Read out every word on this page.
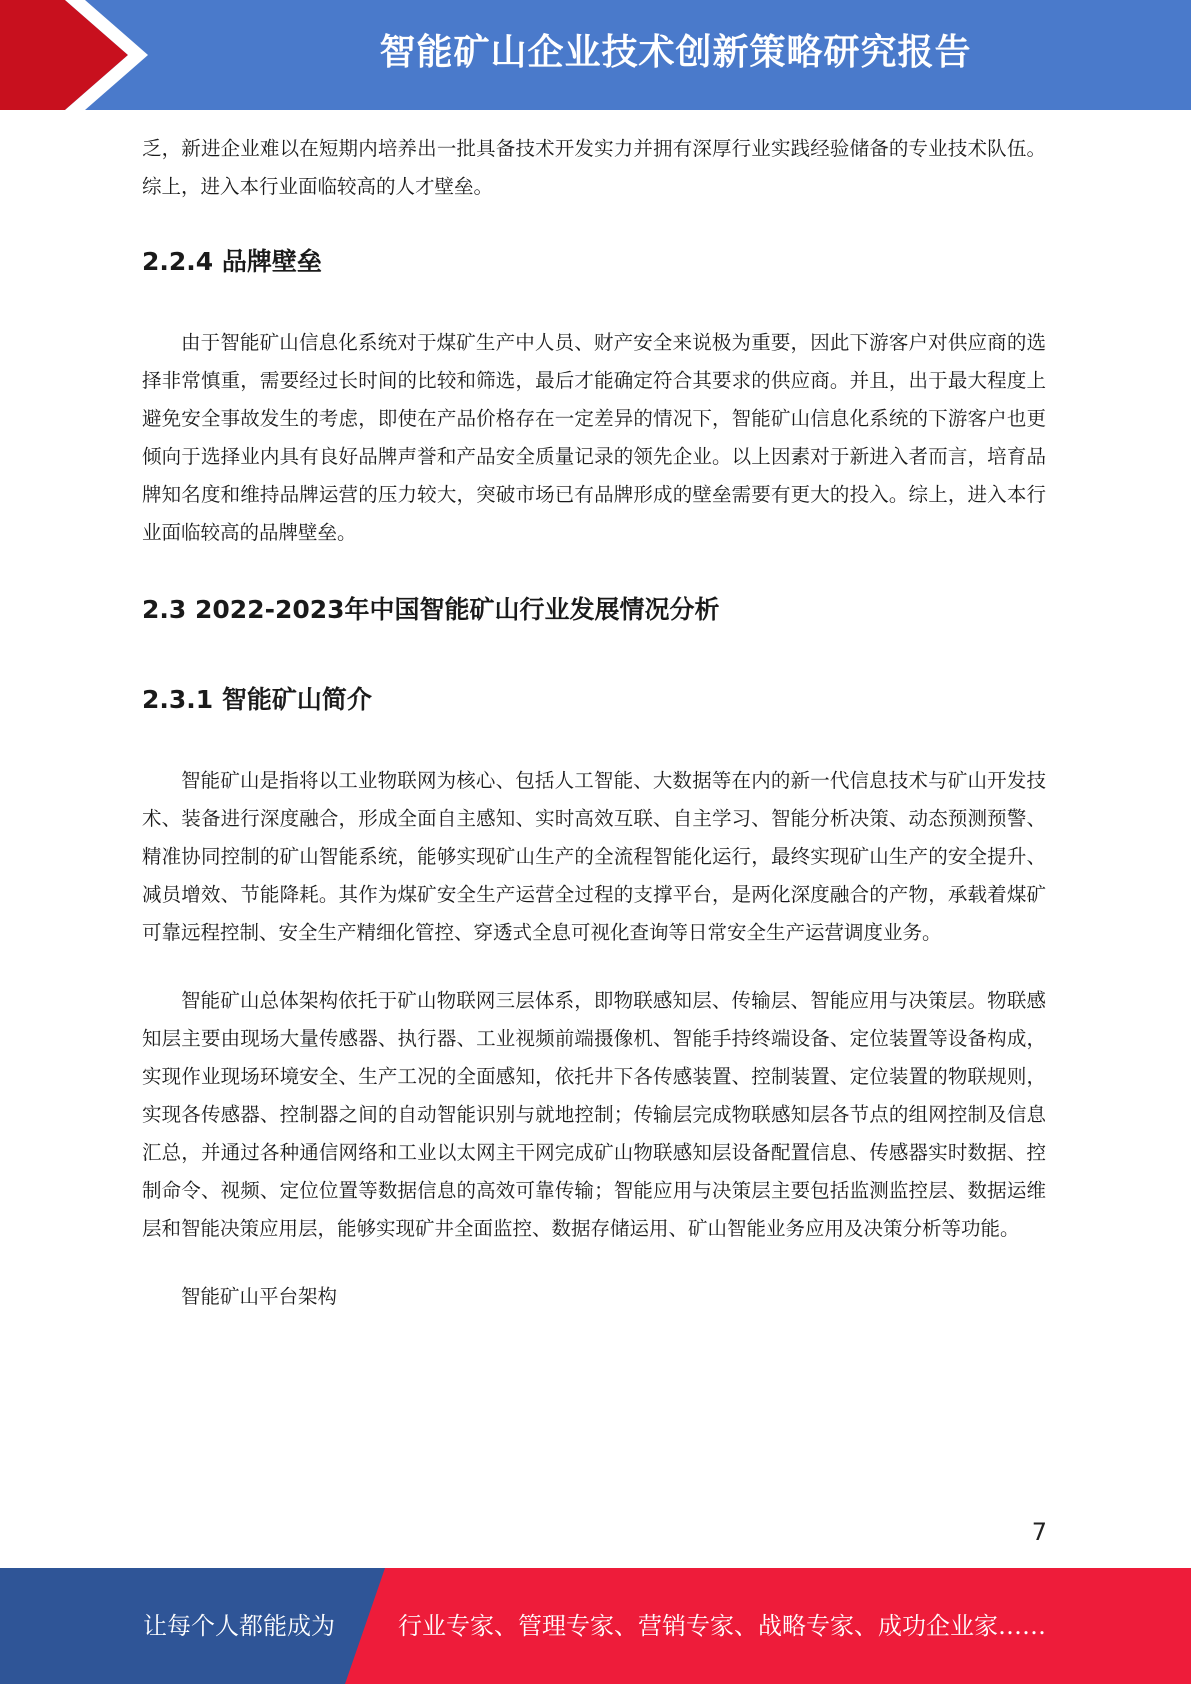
智能矿山企业技术创新策略研究报告

乏，新进企业难以在短期内培养出一批具备技术开发实力并拥有深厚行业实践经验储备的专业技术队伍。综上，进入本行业面临较高的人才壁垒。

2.2.4 品牌壁垒

由于智能矿山信息化系统对于煤矿生产中人员、财产安全来说极为重要，因此下游客户对供应商的选择非常慎重，需要经过长时间的比较和筛选，最后才能确定符合其要求的供应商。并且，出于最大程度上避免安全事故发生的考虑，即使在产品价格存在一定差异的情况下，智能矿山信息化系统的下游客户也更倾向于选择业内具有良好品牌声誉和产品安全质量记录的领先企业。以上因素对于新进入者而言，培育品牌知名度和维持品牌运营的压力较大，突破市场已有品牌形成的壁垒需要有更大的投入。综上，进入本行业面临较高的品牌壁垒。

2.3 2022-2023年中国智能矿山行业发展情况分析
2.3.1 智能矿山简介

智能矿山是指将以工业物联网为核心、包括人工智能、大数据等在内的新一代信息技术与矿山开发技术、装备进行深度融合，形成全面自主感知、实时高效互联、自主学习、智能分析决策、动态预测预警、精准协同控制的矿山智能系统，能够实现矿山生产的全流程智能化运行，最终实现矿山生产的安全提升、减员增效、节能降耗。其作为煤矿安全生产运营全过程的支撑平台，是两化深度融合的产物，承载着煤矿可靠远程控制、安全生产精细化管控、穿透式全息可视化查询等日常安全生产运营调度业务。

智能矿山总体架构依托于矿山物联网三层体系，即物联感知层、传输层、智能应用与决策层。物联感知层主要由现场大量传感器、执行器、工业视频前端摄像机、智能手持终端设备、定位装置等设备构成，实现作业现场环境安全、生产工况的全面感知，依托井下各传感装置、控制装置、定位装置的物联规则，实现各传感器、控制器之间的自动智能识别与就地控制；传输层完成物联感知层各节点的组网控制及信息汇总，并通过各种通信网络和工业以太网主干网完成矿山物联感知层设备配置信息、传感器实时数据、控制命令、视频、定位位置等数据信息的高效可靠传输；智能应用与决策层主要包括监测监控层、数据运维层和智能决策应用层，能够实现矿井全面监控、数据存储运用、矿山智能业务应用及决策分析等功能。

智能矿山平台架构
7
让每个人都能成为	行业专家、管理专家、营销专家、战略专家、成功企业家……
